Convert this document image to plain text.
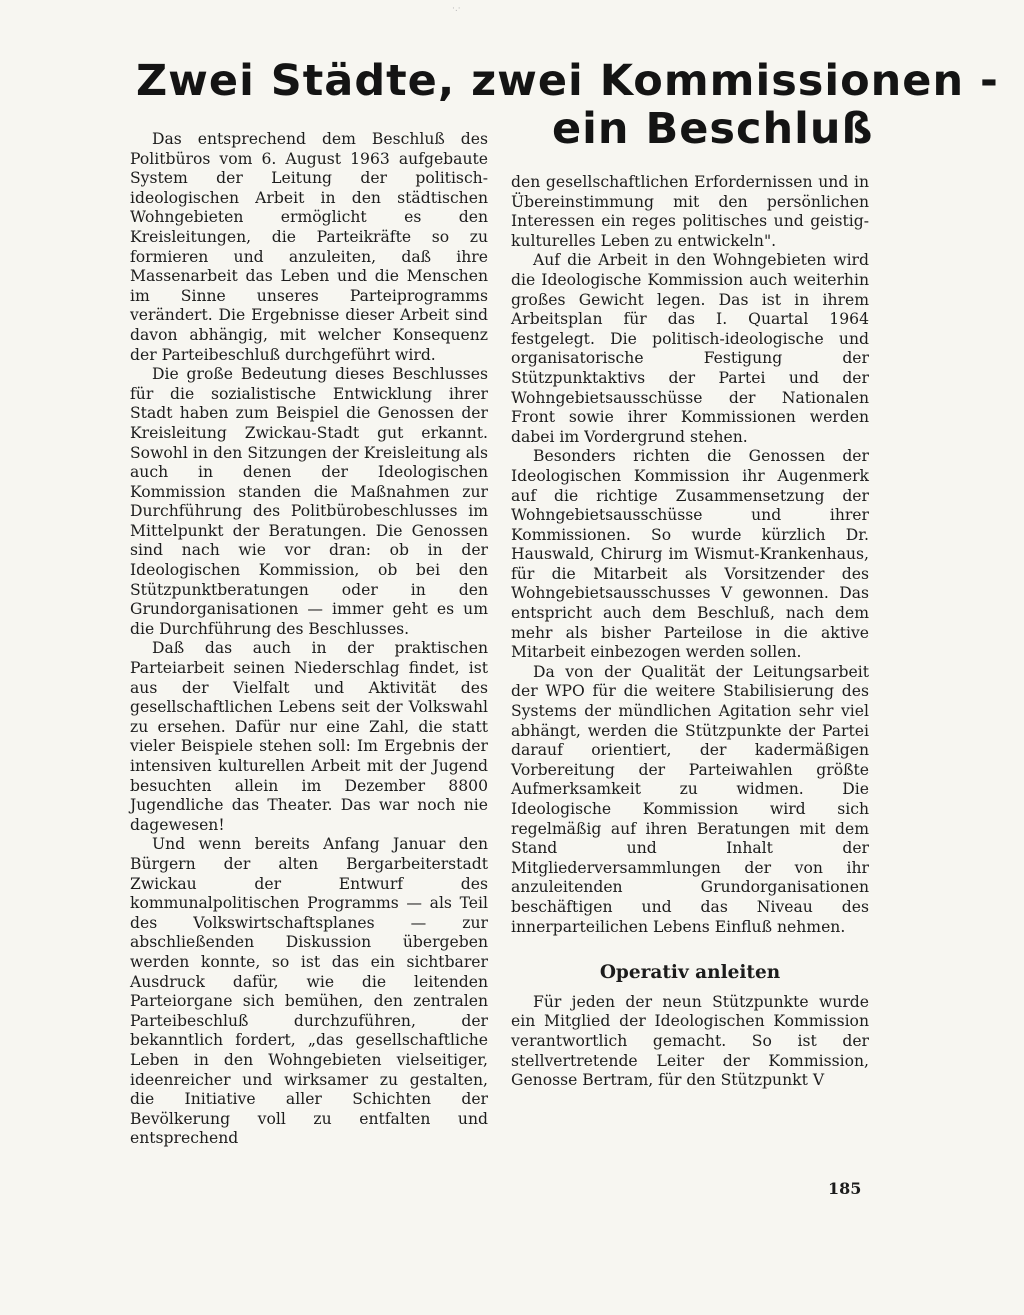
·.·
Zwei Städte, zwei Kommissionen -
ein Beschluß

Das entsprechend dem Beschluß des Politbüros vom 6. August 1963 aufgebaute System der Leitung der politisch-ideologischen Arbeit in den städtischen Wohngebieten ermöglicht es den Kreisleitungen, die Parteikräfte so zu formieren und anzuleiten, daß ihre Massenarbeit das Leben und die Menschen im Sinne unseres Parteiprogramms verändert. Die Ergebnisse dieser Arbeit sind davon abhängig, mit welcher Konsequenz der Parteibeschluß durchgeführt wird.

Die große Bedeutung dieses Beschlusses für die sozialistische Entwicklung ihrer Stadt haben zum Beispiel die Genossen der Kreisleitung Zwickau-Stadt gut erkannt. Sowohl in den Sitzungen der Kreisleitung als auch in denen der Ideologischen Kommission standen die Maßnahmen zur Durchführung des Politbürobeschlusses im Mittelpunkt der Beratungen. Die Genossen sind nach wie vor dran: ob in der Ideologischen Kommission, ob bei den Stützpunktberatungen oder in den Grundorganisationen — immer geht es um die Durchführung des Beschlusses.

Daß das auch in der praktischen Parteiarbeit seinen Niederschlag findet, ist aus der Vielfalt und Aktivität des gesellschaftlichen Lebens seit der Volkswahl zu ersehen. Dafür nur eine Zahl, die statt vieler Beispiele stehen soll: Im Ergebnis der intensiven kulturellen Arbeit mit der Jugend besuchten allein im Dezember 8800 Jugendliche das Theater. Das war noch nie dagewesen!

Und wenn bereits Anfang Januar den Bürgern der alten Bergarbeiterstadt Zwickau der Entwurf des kommunalpolitischen Programms — als Teil des Volkswirtschaftsplanes — zur abschließenden Diskussion übergeben werden konnte, so ist das ein sichtbarer Ausdruck dafür, wie die leitenden Parteiorgane sich bemühen, den zentralen Parteibeschluß durchzuführen, der bekanntlich fordert, „das gesellschaftliche Leben in den Wohngebieten vielseitiger, ideenreicher und wirksamer zu gestalten, die Initiative aller Schichten der Bevölkerung voll zu entfalten und entsprechend

den gesellschaftlichen Erfordernissen und in Übereinstimmung mit den persönlichen Interessen ein reges politisches und geistig-kulturelles Leben zu entwickeln".

Auf die Arbeit in den Wohngebieten wird die Ideologische Kommission auch weiterhin großes Gewicht legen. Das ist in ihrem Arbeitsplan für das I. Quartal 1964 festgelegt. Die politisch-ideologische und organisatorische Festigung der Stützpunktaktivs der Partei und der Wohngebietsausschüsse der Nationalen Front sowie ihrer Kommissionen werden dabei im Vordergrund stehen.

Besonders richten die Genossen der Ideologischen Kommission ihr Augenmerk auf die richtige Zusammensetzung der Wohngebietsausschüsse und ihrer Kommissionen. So wurde kürzlich Dr. Hauswald, Chirurg im Wismut-Krankenhaus, für die Mitarbeit als Vorsitzender des Wohngebietsausschusses V gewonnen. Das entspricht auch dem Beschluß, nach dem mehr als bisher Parteilose in die aktive Mitarbeit einbezogen werden sollen.

Da von der Qualität der Leitungsarbeit der WPO für die weitere Stabilisierung des Systems der mündlichen Agitation sehr viel abhängt, werden die Stützpunkte der Partei darauf orientiert, der kadermäßigen Vorbereitung der Parteiwahlen größte Aufmerksamkeit zu widmen. Die Ideologische Kommission wird sich regelmäßig auf ihren Beratungen mit dem Stand und Inhalt der Mitgliederversammlungen der von ihr anzuleitenden Grundorganisationen beschäftigen und das Niveau des innerparteilichen Lebens Einfluß nehmen.

Operativ anleiten

Für jeden der neun Stützpunkte wurde ein Mitglied der Ideologischen Kommission verantwortlich gemacht. So ist der stellvertretende Leiter der Kommission, Genosse Bertram, für den Stützpunkt V

185
